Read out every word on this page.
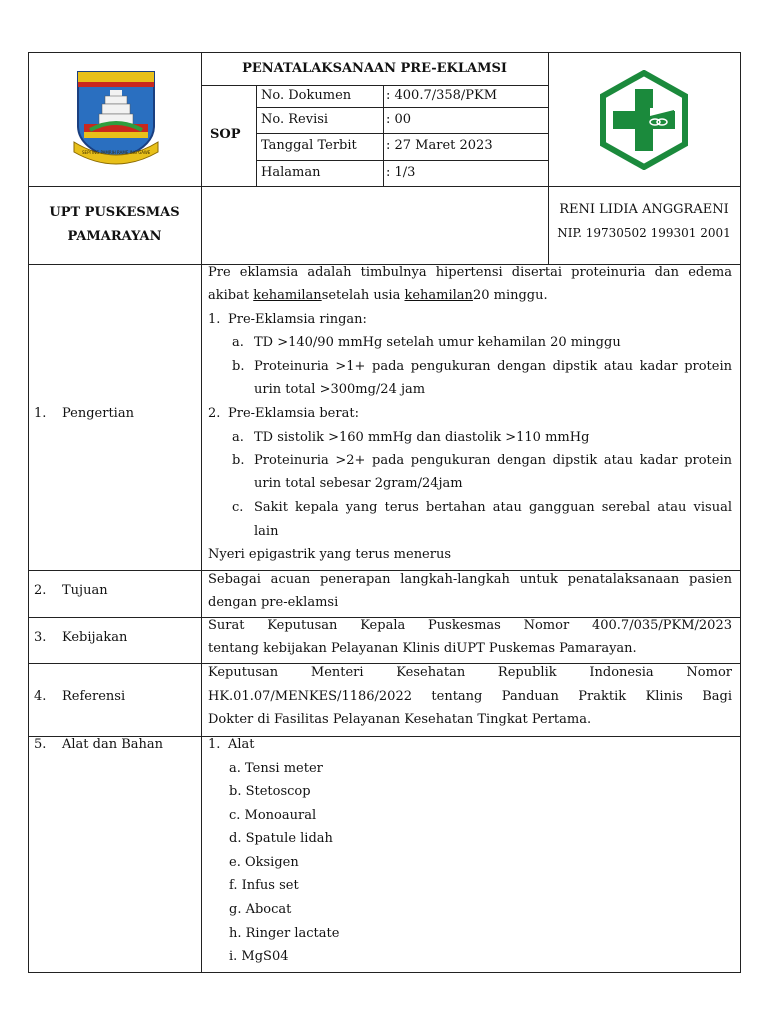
SEPI ING PAMRIH RAME ING GAWE
PENATALAKSANAAN PRE-EKLAMSI
SOP
No. Dokumen	: 400.7/358/PKM
No. Revisi	: 00
Tanggal Terbit : 27 Maret 2023
Halaman	: 1/3
UPT PUSKESMAS
PAMARAYAN
RENI LIDIA ANGGRAENI
NIP. 19730502 199301 2001
1. Pengertian
Pre eklamsia adalah timbulnya hipertensi disertai proteinuria dan edema
akibat kehamilansetelah usia kehamilan20 minggu.
1. Pre-Eklamsia ringan:
a. TD >140/90 mmHg setelah umur kehamilan 20 minggu
b. Proteinuria >1+ pada pengukuran dengan dipstik atau kadar protein
urin total >300mg/24 jam
2. Pre-Eklamsia berat:
a. TD sistolik >160 mmHg dan diastolik >110 mmHg
b. Proteinuria >2+ pada pengukuran dengan dipstik atau kadar protein
urin total sebesar 2gram/24jam
c. Sakit kepala yang terus bertahan atau gangguan serebal atau visual
lain
Nyeri epigastrik yang terus menerus
2. Tujuan
Sebagai acuan penerapan langkah-langkah untuk penatalaksanaan pasien
dengan pre-eklamsi
3. Kebijakan
Surat Keputusan Kepala Puskesmas Nomor 400.7/035/PKM/2023
tentang kebijakan Pelayanan Klinis diUPT Puskemas Pamarayan.
4. Referensi
Keputusan Menteri Kesehatan Republik Indonesia Nomor
HK.01.07/MENKES/1186/2022 tentang Panduan Praktik Klinis Bagi
Dokter di Fasilitas Pelayanan Kesehatan Tingkat Pertama.
5. Alat dan Bahan	1. Alat
a. Tensi meter
b. Stetoscop
c. Monoaural
d. Spatule lidah
e. Oksigen
f. Infus set
g. Abocat
h. Ringer lactate
i. MgS04
